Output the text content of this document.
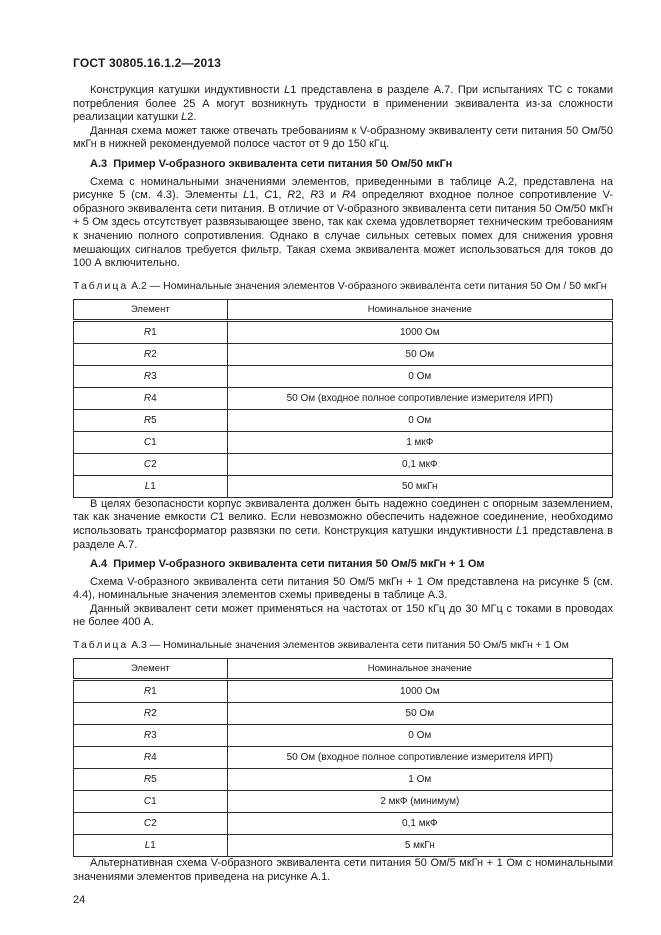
ГОСТ 30805.16.1.2—2013

Конструкция катушки индуктивности L1 представлена в разделе А.7. При испытаниях ТС с токами потребления более 25 А могут возникнуть трудности в применении эквивалента из-за сложности реализации катушки L2.

Данная схема может также отвечать требованиям к V-образному эквиваленту сети питания 50 Ом/50 мкГн в нижней рекомендуемой полосе частот от 9 до 150 кГц.

А.3  Пример V-образного эквивалента сети питания 50 Ом/50 мкГн

Схема с номинальными значениями элементов, приведенными в таблице А.2, представлена на рисунке 5 (см. 4.3). Элементы L1, C1, R2, R3 и R4 определяют входное полное сопротивление V-образного эквивалента сети питания. В отличие от V-образного эквивалента сети питания 50 Ом/50 мкГн + 5 Ом здесь отсутствует развязывающее звено, так как схема удовлетворяет техническим требованиям к значению полного сопротивления. Однако в случае сильных сетевых помех для снижения уровня мешающих сигналов требуется фильтр. Такая схема эквивалента может использоваться для токов до 100 А включительно.

Таблица А.2 — Номинальные значения элементов V-образного эквивалента сети питания 50 Ом / 50 мкГн

Элемент	Номинальное значение
R1	1000 Ом
R2	50 Ом
R3	0 Ом
R4	50 Ом (входное полное сопротивление измерителя ИРП)
R5	0 Ом
C1	1 мкФ
C2	0,1 мкФ
L1	50 мкГн

В целях безопасности корпус эквивалента должен быть надежно соединен с опорным заземлением, так как значение емкости C1 велико. Если невозможно обеспечить надежное соединение, необходимо использовать трансформатор развязки по сети. Конструкция катушки индуктивности L1 представлена в разделе А.7.

А.4  Пример V-образного эквивалента сети питания 50 Ом/5 мкГн + 1 Ом

Схема V-образного эквивалента сети питания 50 Ом/5 мкГн + 1 Ом представлена на рисунке 5 (см. 4.4), номинальные значения элементов схемы приведены в таблице А.3.

Данный эквивалент сети может применяться на частотах от 150 кГц до 30 МГц с токами в проводах не более 400 А.

Таблица А.3 — Номинальные значения элементов эквивалента сети питания 50 Ом/5 мкГн + 1 Ом

Элемент	Номинальное значение
R1	1000 Ом
R2	50 Ом
R3	0 Ом
R4	50 Ом (входное полное сопротивление измерителя ИРП)
R5	1 Ом
C1	2 мкФ (минимум)
C2	0,1 мкФ
L1	5 мкГн

Альтернативная схема V-образного эквивалента сети питания 50 Ом/5 мкГн + 1 Ом с номинальными значениями элементов приведена на рисунке А.1.

24
